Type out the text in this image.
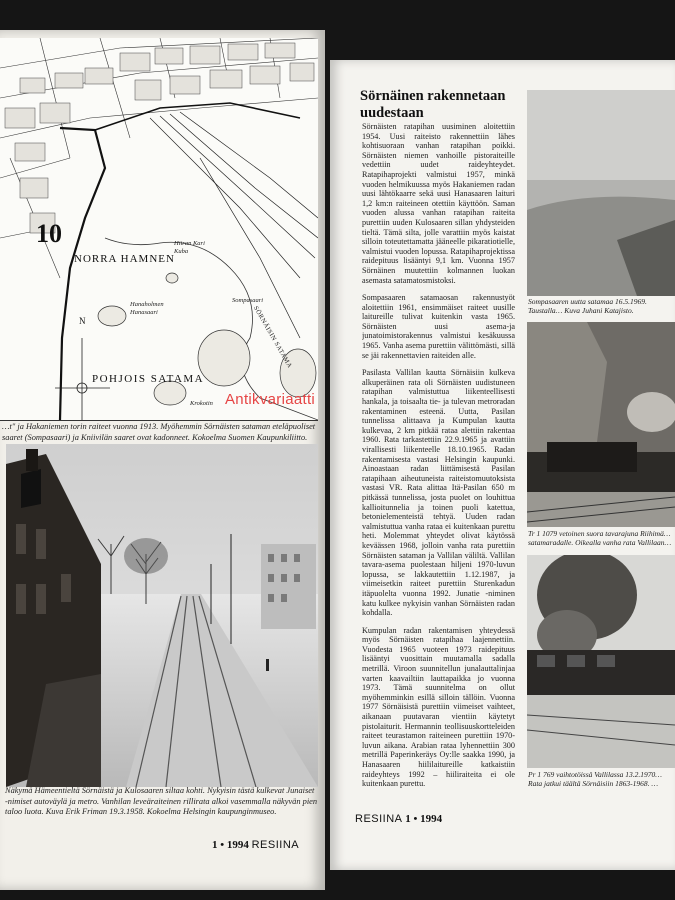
10
NORRA HAMNEN
POHJOIS SATAMA
Hanaholmen
Hanasaari
Sompasaari
SÖRNÄISIN SATAMA
Hiiran Kari
Kuba
Krokotin
N
…t" ja Hakaniemen torin raiteet vuonna 1913. Myöhemmin Sörnäisten sataman eteläpuoliset saaret (Sompasaari) ja Kniivilän saaret ovat kadonneet. Kokoelma Suomen Kaupunkiliitto.
Näkymä Hämeentieltä Sörnäistä ja Kulosaaren siltaa kohti. Nykyisin tästä kulkevat Junaiset -nimiset autoväylä ja metro. Vanhilan leveäraiteinen rillirata alkoi vasemmalla näkyvän pien taloo luota. Kuva Erik Friman 19.3.1958. Kokoelma Helsingin kaupunginmuseo.
1 • 1994 RESIINA
Sörnäinen rakennetaan uudestaan

Sörnäisten ratapihan uusiminen aloitettiin 1954. Uusi raiteisto rakennettiin lähes kohtisuoraan vanhan ratapihan poikki. Sörnäisten niemen vanhoille pistoraiteille vedettiin uudet raideyhteydet. Ratapihaprojekti valmistui 1957, minkä vuoden helmikuussa myös Hakaniemen radan uusi lähtökaarre sekä uusi Hanasaaren laituri 1,2 km:n raiteineen otettiin käyttöön. Saman vuoden alussa vanhan ratapihan raiteita purettiin uuden Kulosaaren sillan yhdysteiden tieltä. Tämä silta, jolle varattiin myös kaistat silloin toteutettamatta jääneelle pikaratiotielle, valmistui vuoden lopussa. Ratapihaprojektissa raidepituus lisääntyi 9,1 km. Vuonna 1957 Sörnäinen muutettiin kolmannen luokan asemasta satamatosmistoksi.

Sompasaaren satamaosan rakennustyöt aloitettiin 1961, ensimmäiset raiteet uusille laitureille tulivat kuitenkin vasta 1965. Sörnäisten uusi asema-ja junatoimistorakennus valmistui kesäkuussa 1965. Vanha asema purettiin välittömästi, sillä se jäi rakennettavien raiteiden alle.

Pasilasta Vallilan kautta Sörnäisiin kulkeva alkuperäinen rata oli Sörnäisten uudistuneen ratapihan valmistuttua liikenteellisesti hankala, ja toisaalta tie- ja tulevan metroradan rakentaminen esteenä. Uutta, Pasilan tunnelissa alittaava ja Kumpulan kautta kulkevaa, 2 km pitkää rataa alettiin rakentaa 1960. Rata tarkastettiin 22.9.1965 ja avattiin virallisesti liikenteelle 18.10.1965. Radan rakentamisesta vastasi Helsingin kaupunki. Ainoastaan radan liittämisestä Pasilan ratapihaan aiheutuneista raiteistomuutoksista vastasi VR. Rata alittaa Itä-Pasilan 650 m pitkässä tunnelissa, josta puolet on louhittua kallioitunnelia ja toinen puoli katettua, betonielementeistä tehtyä. Uuden radan valmistuttua vanha rataa ei kuitenkaan purettu heti. Molemmat yhteydet olivat käytössä keväässen 1968, jolloin vanha rata purettiin Sörnäisten sataman ja Vallilan väliltä. Vallilan tavara-asema puolestaan hiljeni 1970-luvun lopussa, se lakkautettiin 1.12.1987, ja viimeisetkin raiteet purettiin Sturenkadun itäpuolelta vuonna 1992. Junatie -niminen katu kulkee nykyisin vanhan Sörnäisten radan kohdalla.

Kumpulan radan rakentamisen yhteydessä myös Sörnäisten ratapihaa laajennettiin. Vuodesta 1965 vuoteen 1973 raidepituus lisääntyi vuosittain muutamalla sadalla metrillä. Viroon suunnitellun junalauttalinjaa varten kaavailtiin lauttapaikka jo vuonna 1973. Tämä suunnitelma on ollut myöhemminkin esillä silloin tällöin. Vuonna 1977 Sörnäisistä purettiin viimeiset vaihteet, aikanaan puutavaran vientiin käytetyt pistolaiturit. Hermannin teollisuuskortteleiden raiteet teurastamon raiteineen purettiin 1970-luvun aikana. Arabian rataa lyhennettiin 300 metrillä Paperinkeräys Oy:lle saakka 1990, ja Hanasaaren hiililaitureille katkaistiin raideyhteys 1992 – hiiliraiteita ei ole kuitenkaan purettu.

Sompasaaren uutta satamaa 16.5.1969. Taustalla… Kuva Juhani Katajisto.
Tr 1 1079 vetoinen suora tavarajuna Riihimä… satamaradalle. Oikealla vanha rata Vallilaan…
Pr 1 769 vaihtotöissä Vallilassa 13.2.1970… Rata jatkui täältä Sörnäisiin 1863-1968. …
RESIINA 1 • 1994
Antikvariaatti
